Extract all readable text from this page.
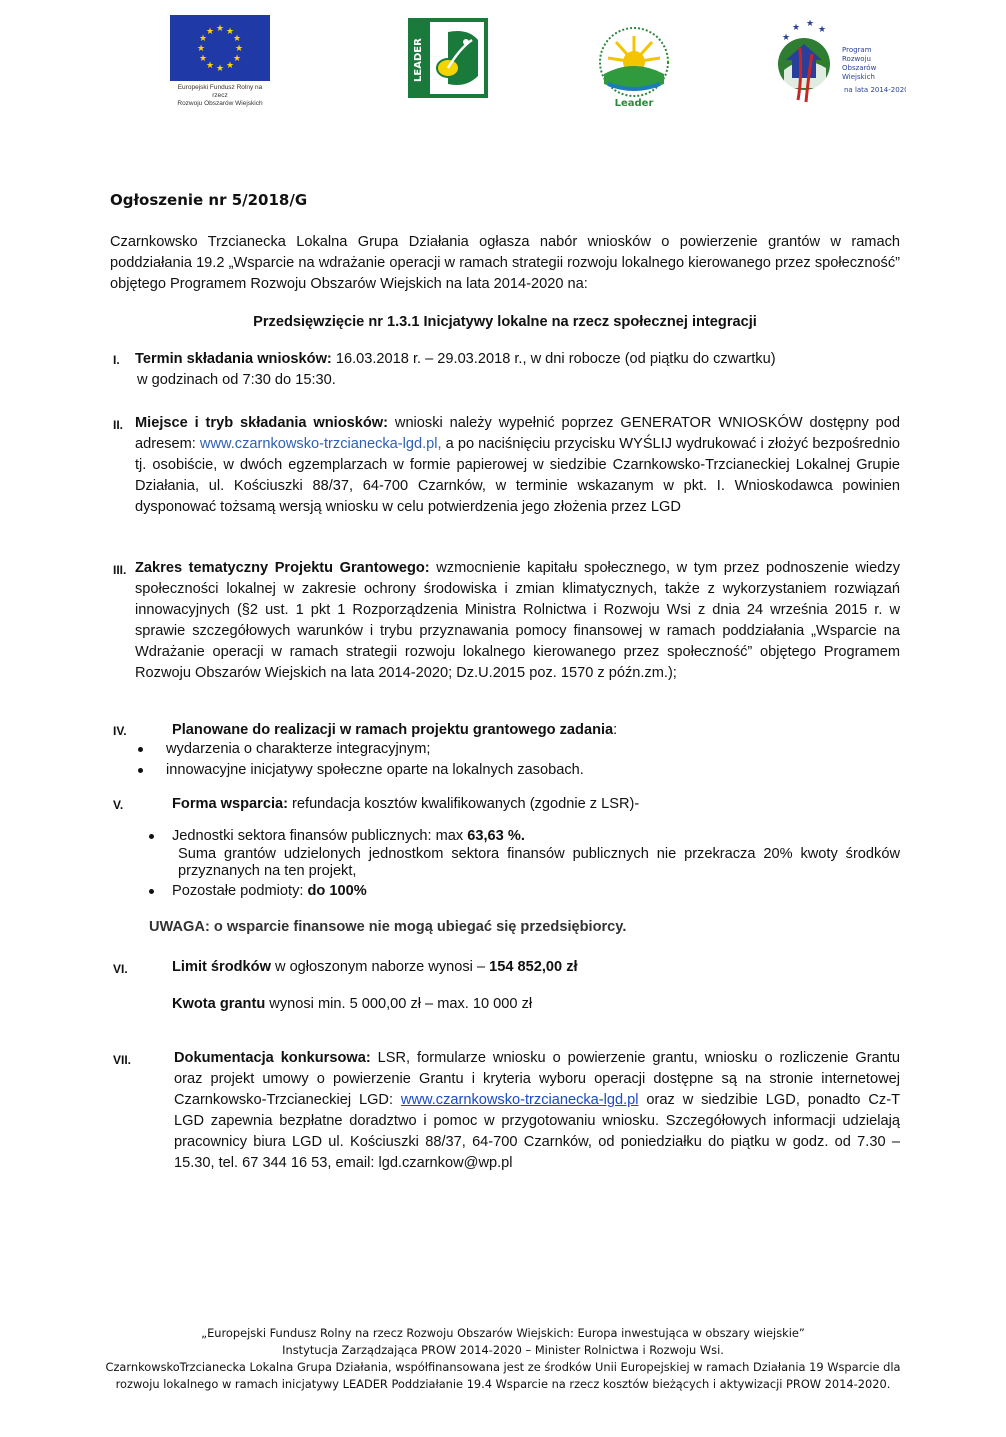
★ ★
★
★
★
★
★
★
★
★
★
★
Europejski Fundusz Rolny na rzecz
Rozwoju Obszarów Wiejskich
LEADER
Leader
★
★ ★
★
Program
Rozwoju
Obszarów
Wiejskich
na lata 2014-2020
Ogłoszenie nr 5/2018/G
Czarnkowsko Trzcianecka Lokalna Grupa Działania ogłasza nabór wniosków o powierzenie grantów w ramach poddziałania 19.2 „Wsparcie na wdrażanie operacji w ramach strategii rozwoju lokalnego kierowanego przez społeczność” objętego Programem Rozwoju Obszarów Wiejskich na lata 2014-2020 na:
Przedsięwzięcie nr 1.3.1 Inicjatywy lokalne na rzecz społecznej integracji
I. Termin składania wniosków: 16.03.2018 r. – 29.03.2018 r., w dni robocze (od piątku do czwartku)
w godzinach od 7:30 do 15:30.
II. Miejsce i tryb składania wniosków: wnioski należy wypełnić poprzez GENERATOR WNIOSKÓW dostępny pod adresem: www.czarnkowsko-trzcianecka-lgd.pl, a po naciśnięciu przycisku WYŚLIJ wydrukować i złożyć bezpośrednio tj. osobiście, w dwóch egzemplarzach w formie papierowej w siedzibie Czarnkowsko-Trzcianeckiej Lokalnej Grupie Działania, ul. Kościuszki 88/37, 64-700 Czarnków, w terminie wskazanym w pkt. I. Wnioskodawca powinien dysponować tożsamą wersją wniosku w celu potwierdzenia jego złożenia przez LGD
III. Zakres tematyczny Projektu Grantowego: wzmocnienie kapitału społecznego, w tym przez podnoszenie wiedzy społeczności lokalnej w zakresie ochrony środowiska i zmian klimatycznych, także z wykorzystaniem rozwiązań innowacyjnych (§2 ust. 1 pkt 1 Rozporządzenia Ministra Rolnictwa i Rozwoju Wsi z dnia 24 września 2015 r. w sprawie szczegółowych warunków i trybu przyznawania pomocy finansowej w ramach poddziałania „Wsparcie na Wdrażanie operacji w ramach strategii rozwoju lokalnego kierowanego przez społeczność” objętego Programem Rozwoju Obszarów Wiejskich na lata 2014-2020; Dz.U.2015 poz. 1570 z późn.zm.);
IV.	Planowane do realizacji w ramach projektu grantowego zadania:
wydarzenia o charakterze integracyjnym;
innowacyjne inicjatywy społeczne oparte na lokalnych zasobach.
V.	Forma wsparcia: refundacja kosztów kwalifikowanych (zgodnie z LSR)-
Jednostki sektora finansów publicznych: max 63,63 %.
Suma grantów udzielonych jednostkom sektora finansów publicznych nie przekracza 20% kwoty środków przyznanych na ten projekt,
Pozostałe podmioty: do 100%
UWAGA: o wsparcie finansowe nie mogą ubiegać się przedsiębiorcy.
VI.	Limit środków w ogłoszonym naborze wynosi – 154 852,00 zł
Kwota grantu wynosi min. 5 000,00 zł – max. 10 000 zł
VII.	Dokumentacja konkursowa: LSR, formularze wniosku o powierzenie grantu, wniosku o rozliczenie Grantu oraz projekt umowy o powierzenie Grantu i kryteria wyboru operacji dostępne są na stronie internetowej Czarnkowsko-Trzcianeckiej LGD: www.czarnkowsko-trzcianecka-lgd.pl oraz w siedzibie LGD, ponadto Cz-T LGD zapewnia bezpłatne doradztwo i pomoc w przygotowaniu wniosku. Szczegółowych informacji udzielają pracownicy biura LGD ul. Kościuszki 88/37, 64-700 Czarnków, od poniedziałku do piątku w godz. od 7.30 – 15.30, tel. 67 344 16 53, email: lgd.czarnkow@wp.pl
„Europejski Fundusz Rolny na rzecz Rozwoju Obszarów Wiejskich: Europa inwestująca w obszary wiejskie”
Instytucja Zarządzająca PROW 2014-2020 – Minister Rolnictwa i Rozwoju Wsi.
CzarnkowskoTrzcianecka Lokalna Grupa Działania, współfinansowana jest ze środków Unii Europejskiej w ramach Działania 19 Wsparcie dla
rozwoju lokalnego w ramach inicjatywy LEADER Poddziałanie 19.4 Wsparcie na rzecz kosztów bieżących i aktywizacji PROW 2014-2020.
